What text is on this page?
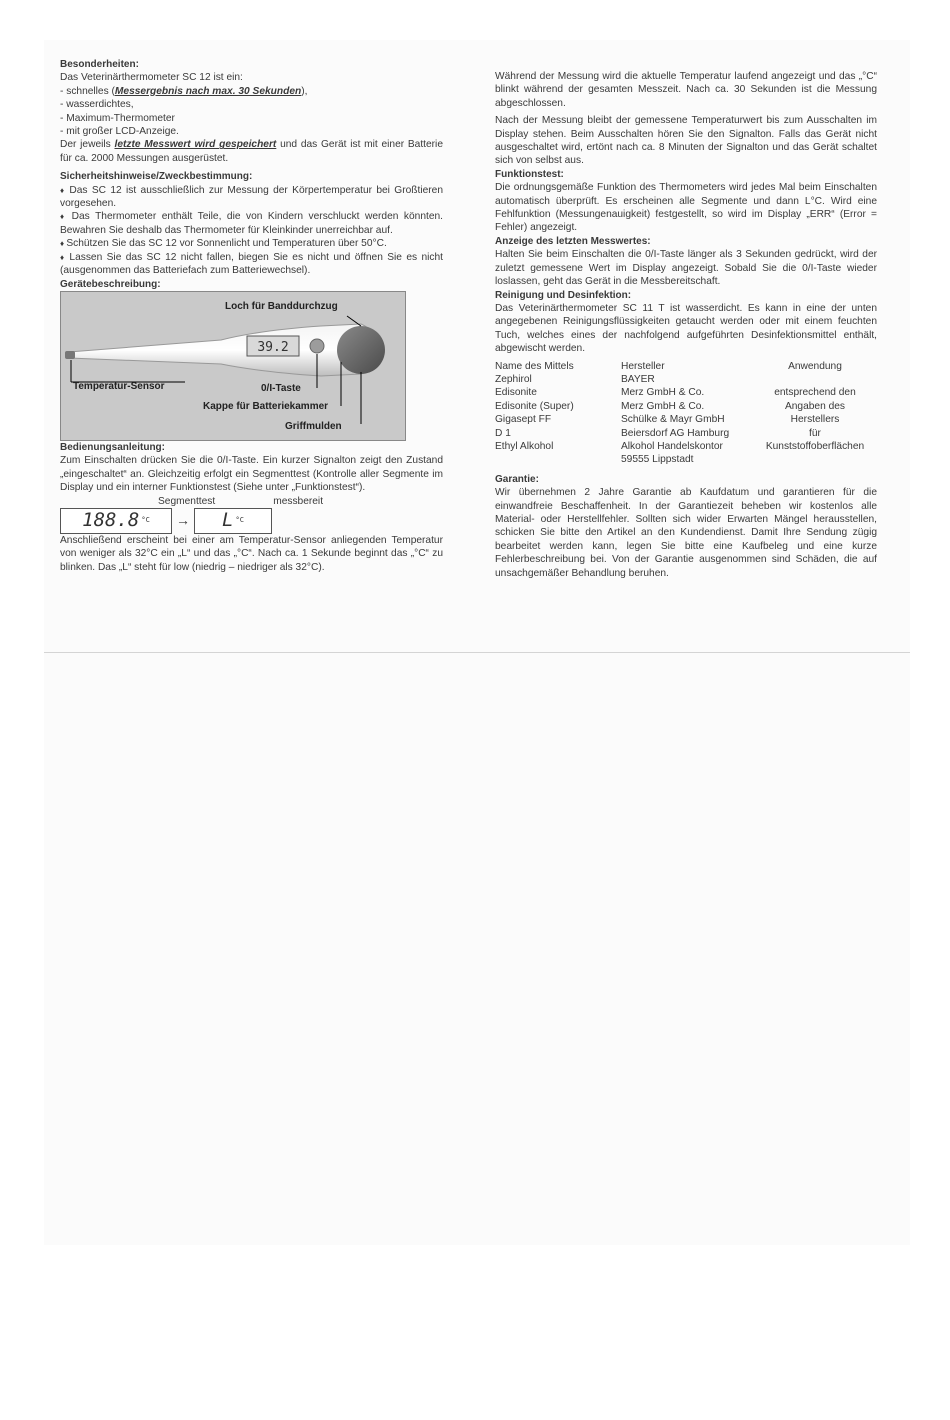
Besonderheiten:
Das Veterinärthermometer SC 12 ist ein:
- schnelles (Messergebnis nach max. 30 Sekunden),
- wasserdichtes,
- Maximum-Thermometer
- mit großer LCD-Anzeige.
Der jeweils letzte Messwert wird gespeichert und das Gerät ist mit einer Batterie für ca. 2000 Messungen ausgerüstet.
Sicherheitshinweise/Zweckbestimmung:
♦ Das SC 12 ist ausschließlich zur Messung der Körpertemperatur bei Großtieren vorgesehen.
♦ Das Thermometer enthält Teile, die von Kindern verschluckt werden könnten. Bewahren Sie deshalb das Thermometer für Kleinkinder unerreichbar auf.
♦ Schützen Sie das SC 12 vor Sonnenlicht und Temperaturen über 50°C.
♦ Lassen Sie das SC 12 nicht fallen, biegen Sie es nicht und öffnen Sie es nicht (ausgenommen das Batteriefach zum Batteriewechsel).
Gerätebeschreibung:
39.2
Loch für Banddurchzug
Temperatur-Sensor	0/I-Taste
Kappe für Batteriekammer
Griffmulden
Bedienungsanleitung:
Zum Einschalten drücken Sie die 0/I-Taste. Ein kurzer Signalton zeigt den Zustand „eingeschaltet“ an. Gleichzeitig erfolgt ein Segmenttest (Kontrolle aller Segmente im Display und ein interner Funktionstest (Siehe unter „Funktionstest“).
Segmenttest	messbereit
188.8 °C → L °C
Anschließend erscheint bei einer am Temperatur-Sensor anliegenden Temperatur von weniger als 32°C ein „L“ und das „°C“. Nach ca. 1 Sekunde beginnt das „°C“ zu blinken. Das „L“ steht für low (niedrig – niedriger als 32°C).
Während der Messung wird die aktuelle Temperatur laufend angezeigt und das „°C“ blinkt während der gesamten Messzeit. Nach ca. 30 Sekunden ist die Messung abgeschlossen.
Nach der Messung bleibt der gemessene Temperaturwert bis zum Ausschalten im Display stehen. Beim Ausschalten hören Sie den Signalton. Falls das Gerät nicht ausgeschaltet wird, ertönt nach ca. 8 Minuten der Signalton und das Gerät schaltet sich von selbst aus.
Funktionstest:
Die ordnungsgemäße Funktion des Thermometers wird jedes Mal beim Einschalten automatisch überprüft. Es erscheinen alle Segmente und dann L°C. Wird eine Fehlfunktion (Messungenauigkeit) festgestellt, so wird im Display „ERR“ (Error = Fehler) angezeigt.
Anzeige des letzten Messwertes:
Halten Sie beim Einschalten die 0/I-Taste länger als 3 Sekunden gedrückt, wird der zuletzt gemessene Wert im Display angezeigt. Sobald Sie die 0/I-Taste wieder loslassen, geht das Gerät in die Messbereitschaft.
Reinigung und Desinfektion:
Das Veterinärthermometer SC 11 T ist wasserdicht. Es kann in eine der unten angegebenen Reinigungsflüssigkeiten getaucht werden oder mit einem feuchten Tuch, welches eines der nachfolgend aufgeführten Desinfektionsmittel enthält, abgewischt werden.
Name des Mittels	Hersteller	Anwendung
Zephirol	BAYER	
Edisonite	Merz GmbH & Co.	entsprechend den
Edisonite (Super)	Merz GmbH & Co.	Angaben des
Gigasept FF	Schülke & Mayr GmbH	Herstellers
D 1	Beiersdorf AG Hamburg	für
Ethyl Alkohol	Alkohol Handelskontor	Kunststoffoberflächen
	59555 Lippstadt	
Garantie:
Wir übernehmen 2 Jahre Garantie ab Kaufdatum und garantieren für die einwandfreie Beschaffenheit. In der Garantiezeit beheben wir kostenlos alle Material- oder Herstellfehler. Sollten sich wider Erwarten Mängel herausstellen, schicken Sie bitte den Artikel an den Kundendienst. Damit Ihre Sendung zügig bearbeitet werden kann, legen Sie bitte eine Kaufbeleg und eine kurze Fehlerbeschreibung bei. Von der Garantie ausgenommen sind Schäden, die auf unsachgemäßer Behandlung beruhen.
